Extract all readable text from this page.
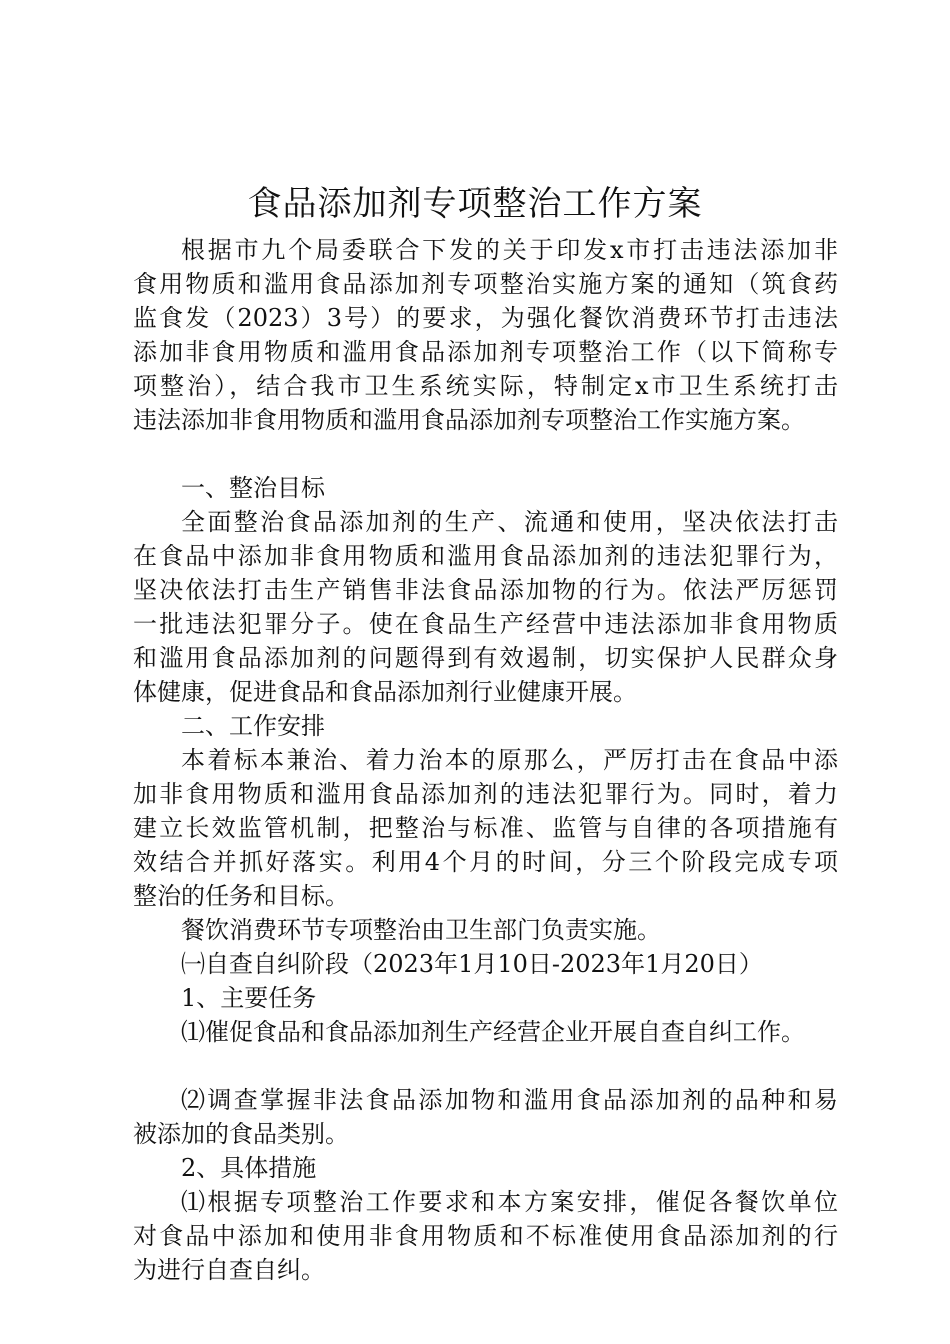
食品添加剂专项整治工作方案
根据市九个局委联合下发的关于印发x市打击违法添加非
食用物质和滥用食品添加剂专项整治实施方案的通知（筑食药
监食发（2023）3号）的要求，为强化餐饮消费环节打击违法
添加非食用物质和滥用食品添加剂专项整治工作（以下简称专
项整治），结合我市卫生系统实际，特制定x市卫生系统打击
违法添加非食用物质和滥用食品添加剂专项整治工作实施方案。
一、整治目标
全面整治食品添加剂的生产、流通和使用，坚决依法打击
在食品中添加非食用物质和滥用食品添加剂的违法犯罪行为，
坚决依法打击生产销售非法食品添加物的行为。依法严厉惩罚
一批违法犯罪分子。使在食品生产经营中违法添加非食用物质
和滥用食品添加剂的问题得到有效遏制，切实保护人民群众身
体健康，促进食品和食品添加剂行业健康开展。
二、工作安排
本着标本兼治、着力治本的原那么，严厉打击在食品中添
加非食用物质和滥用食品添加剂的违法犯罪行为。同时，着力
建立长效监管机制，把整治与标准、监管与自律的各项措施有
效结合并抓好落实。利用4个月的时间，分三个阶段完成专项
整治的任务和目标。
餐饮消费环节专项整治由卫生部门负责实施。
㈠自查自纠阶段（2023年1月10日-2023年1月20日）
1、主要任务
⑴催促食品和食品添加剂生产经营企业开展自查自纠工作。
⑵调查掌握非法食品添加物和滥用食品添加剂的品种和易
被添加的食品类别。
2、具体措施
⑴根据专项整治工作要求和本方案安排，催促各餐饮单位
对食品中添加和使用非食用物质和不标准使用食品添加剂的行
为进行自查自纠。
